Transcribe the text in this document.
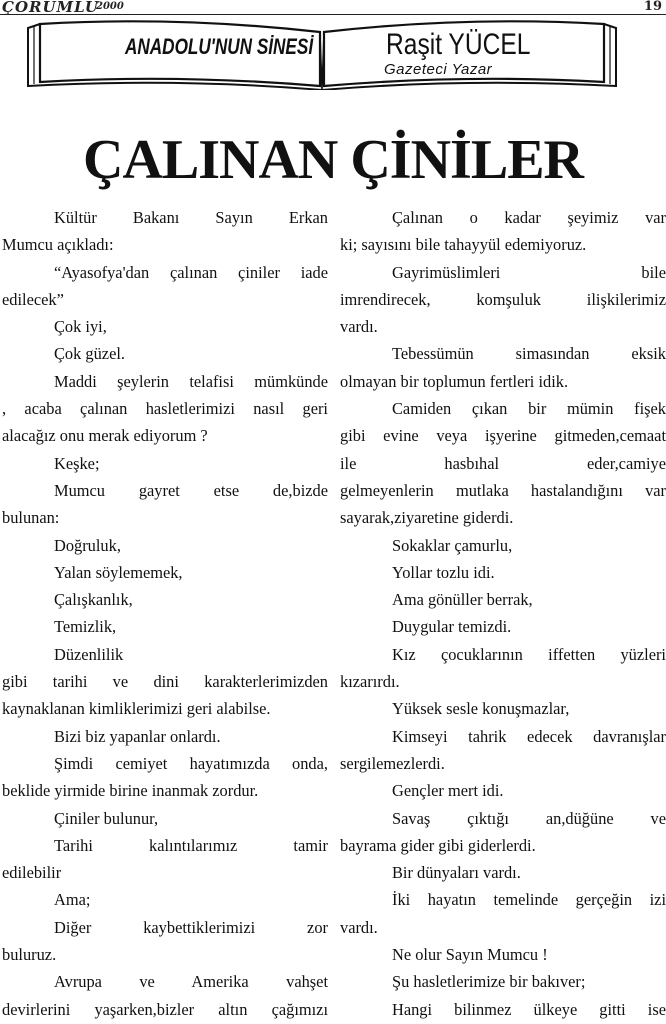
ÇORUMLU
2000	19
ANADOLU'NUN SİNESİ Raşit YÜCEL
Gazeteci Yazar
ÇALINAN ÇİNİLER

Kültür Bakanı Sayın Erkan

Mumcu açıkladı:

“Ayasofya'dan çalınan çiniler iade

edilecek”

Çok iyi,

Çok güzel.

Maddi şeylerin telafisi mümkünde

, acaba çalınan hasletlerimizi nasıl geri

alacağız onu merak ediyorum ?

Keşke;

Mumcu gayret etse de,bizde

bulunan:

Doğruluk,

Yalan söylememek,

Çalışkanlık,

Temizlik,

Düzenlilik

gibi tarihi ve dini karakterlerimizden

kaynaklanan kimliklerimizi geri alabilse.

Bizi biz yapanlar onlardı.

Şimdi cemiyet hayatımızda onda,

beklide yirmide birine inanmak zordur.

Çiniler bulunur,

Tarihi kalıntılarımız tamir

edilebilir

Ama;

Diğer kaybettiklerimizi zor

buluruz.

Avrupa ve Amerika vahşet

devirlerini yaşarken,bizler altın çağımızı

Çalınan o kadar şeyimiz var

ki; sayısını bile tahayyül edemiyoruz.

Gayrimüslimleri bile

imrendirecek, komşuluk ilişkilerimiz

vardı.

Tebessümün simasından eksik

olmayan bir toplumun fertleri idik.

Camiden çıkan bir mümin fişek

gibi evine veya işyerine gitmeden,cemaat

ile hasbıhal eder,camiye

gelmeyenlerin mutlaka hastalandığını var

sayarak,ziyaretine giderdi.

Sokaklar çamurlu,

Yollar tozlu idi.

Ama gönüller berrak,

Duygular temizdi.

Kız çocuklarının iffetten yüzleri

kızarırdı.

Yüksek sesle konuşmazlar,

Kimseyi tahrik edecek davranışlar

sergilemezlerdi.

Gençler mert idi.

Savaş çıktığı an,düğüne ve

bayrama gider gibi giderlerdi.

Bir dünyaları vardı.

İki hayatın temelinde gerçeğin izi

vardı.

Ne olur Sayın Mumcu !

Şu hasletlerimize bir bakıver;

Hangi bilinmez ülkeye gitti ise
